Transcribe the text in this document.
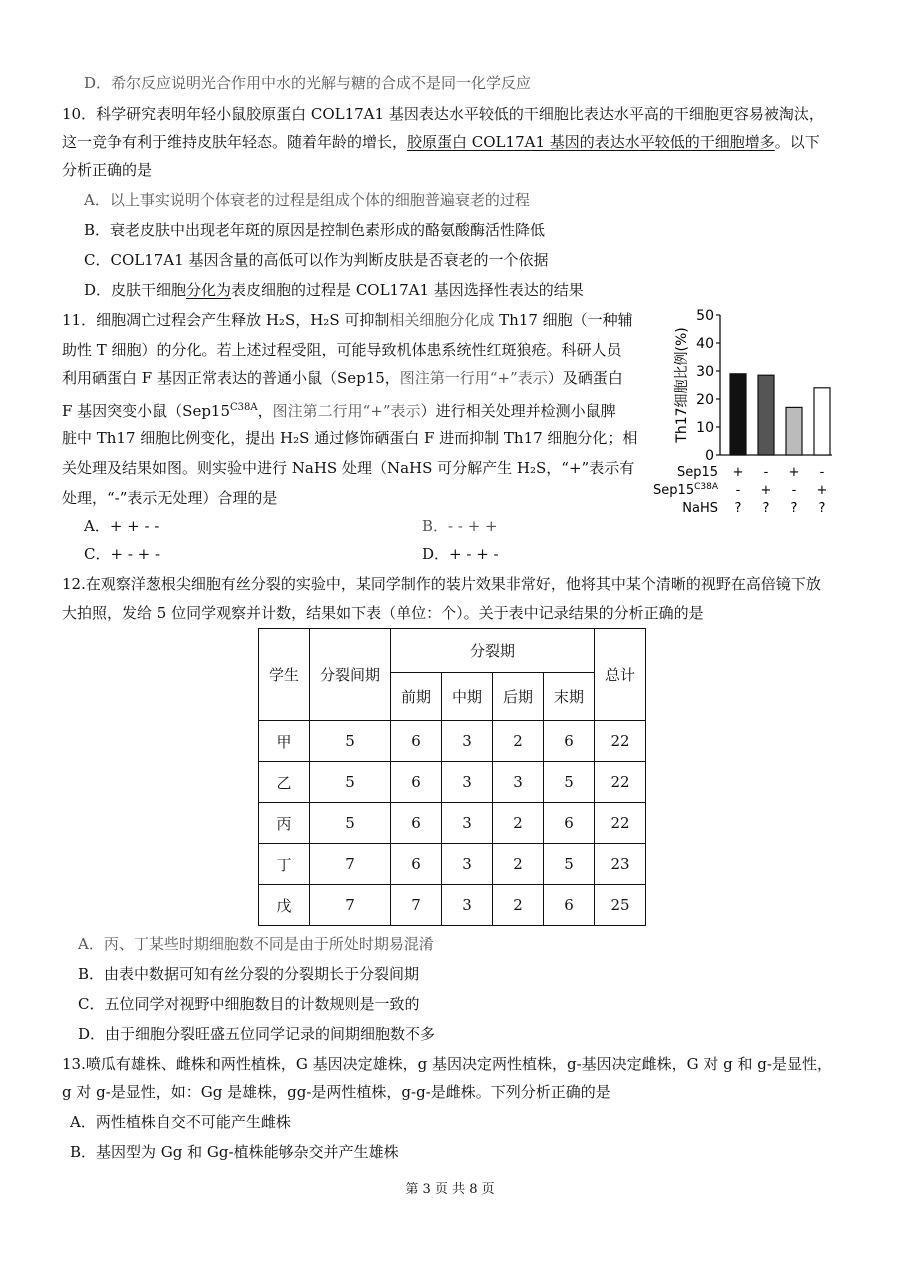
D．希尔反应说明光合作用中水的光解与糖的合成不是同一化学反应
10．科学研究表明年轻小鼠胶原蛋白 COL17A1 基因表达水平较低的干细胞比表达水平高的干细胞更容易被淘汰，
这一竞争有利于维持皮肤年轻态。随着年龄的增长，胶原蛋白 COL17A1 基因的表达水平较低的干细胞增多。以下
分析正确的是
A．以上事实说明个体衰老的过程是组成个体的细胞普遍衰老的过程
B．衰老皮肤中出现老年斑的原因是控制色素形成的酪氨酸酶活性降低
C．COL17A1 基因含量的高低可以作为判断皮肤是否衰老的一个依据
D．皮肤干细胞分化为表皮细胞的过程是 COL17A1 基因选择性表达的结果
11．细胞凋亡过程会产生释放 H₂S，H₂S 可抑制相关细胞分化成 Th17 细胞（一种辅
助性 T 细胞）的分化。若上述过程受阻，可能导致机体患系统性红斑狼疮。科研人员
利用硒蛋白 F 基因正常表达的普通小鼠（Sep15，图注第一行用“+”表示）及硒蛋白
F 基因突变小鼠（$Sep15^{C38A}$，图注第二行用“+”表示）进行相关处理并检测小鼠脾
脏中 Th17 细胞比例变化，提出 H₂S 通过修饰硒蛋白 F 进而抑制 Th17 细胞分化；相
关处理及结果如图。则实验中进行 NaHS 处理（NaHS 可分解产生 H₂S，“+”表示有
处理，“-”表示无处理）合理的是
A．+ + - -	B．- - + +
C．+ - + -	D．+ - + -
0
10
20
30
40
50
Th17细胞比例(%)
Sep15 + - + -
$Sep15^{C38A}$ - + - +
NaHS ? ? ? ?
12.在观察洋葱根尖细胞有丝分裂的实验中，某同学制作的装片效果非常好，他将其中某个清晰的视野在高倍镜下放
大拍照，发给 5 位同学观察并计数，结果如下表（单位：个）。关于表中记录结果的分析正确的是
学生	分裂间期	分裂期				总计
		前期	中期	后期	末期	
甲	5	6	3	2	6	22
乙	5	6	3	3	5	22
丙	5	6	3	2	6	22
丁	7	6	3	2	5	23
戊	7	7	3	2	6	25
A．丙、丁某些时期细胞数不同是由于所处时期易混淆
B．由表中数据可知有丝分裂的分裂期长于分裂间期
C．五位同学对视野中细胞数目的计数规则是一致的
D．由于细胞分裂旺盛五位同学记录的间期细胞数不多
13.喷瓜有雄株、雌株和两性植株，G 基因决定雄株，g 基因决定两性植株，g-基因决定雌株，G 对 g 和 g-是显性，
g 对 g-是显性，如：Gg 是雄株，gg-是两性植株，g-g-是雌株。下列分析正确的是
A．两性植株自交不可能产生雌株
B．基因型为 Gg 和 Gg-植株能够杂交并产生雄株
第 3 页 共 8 页
